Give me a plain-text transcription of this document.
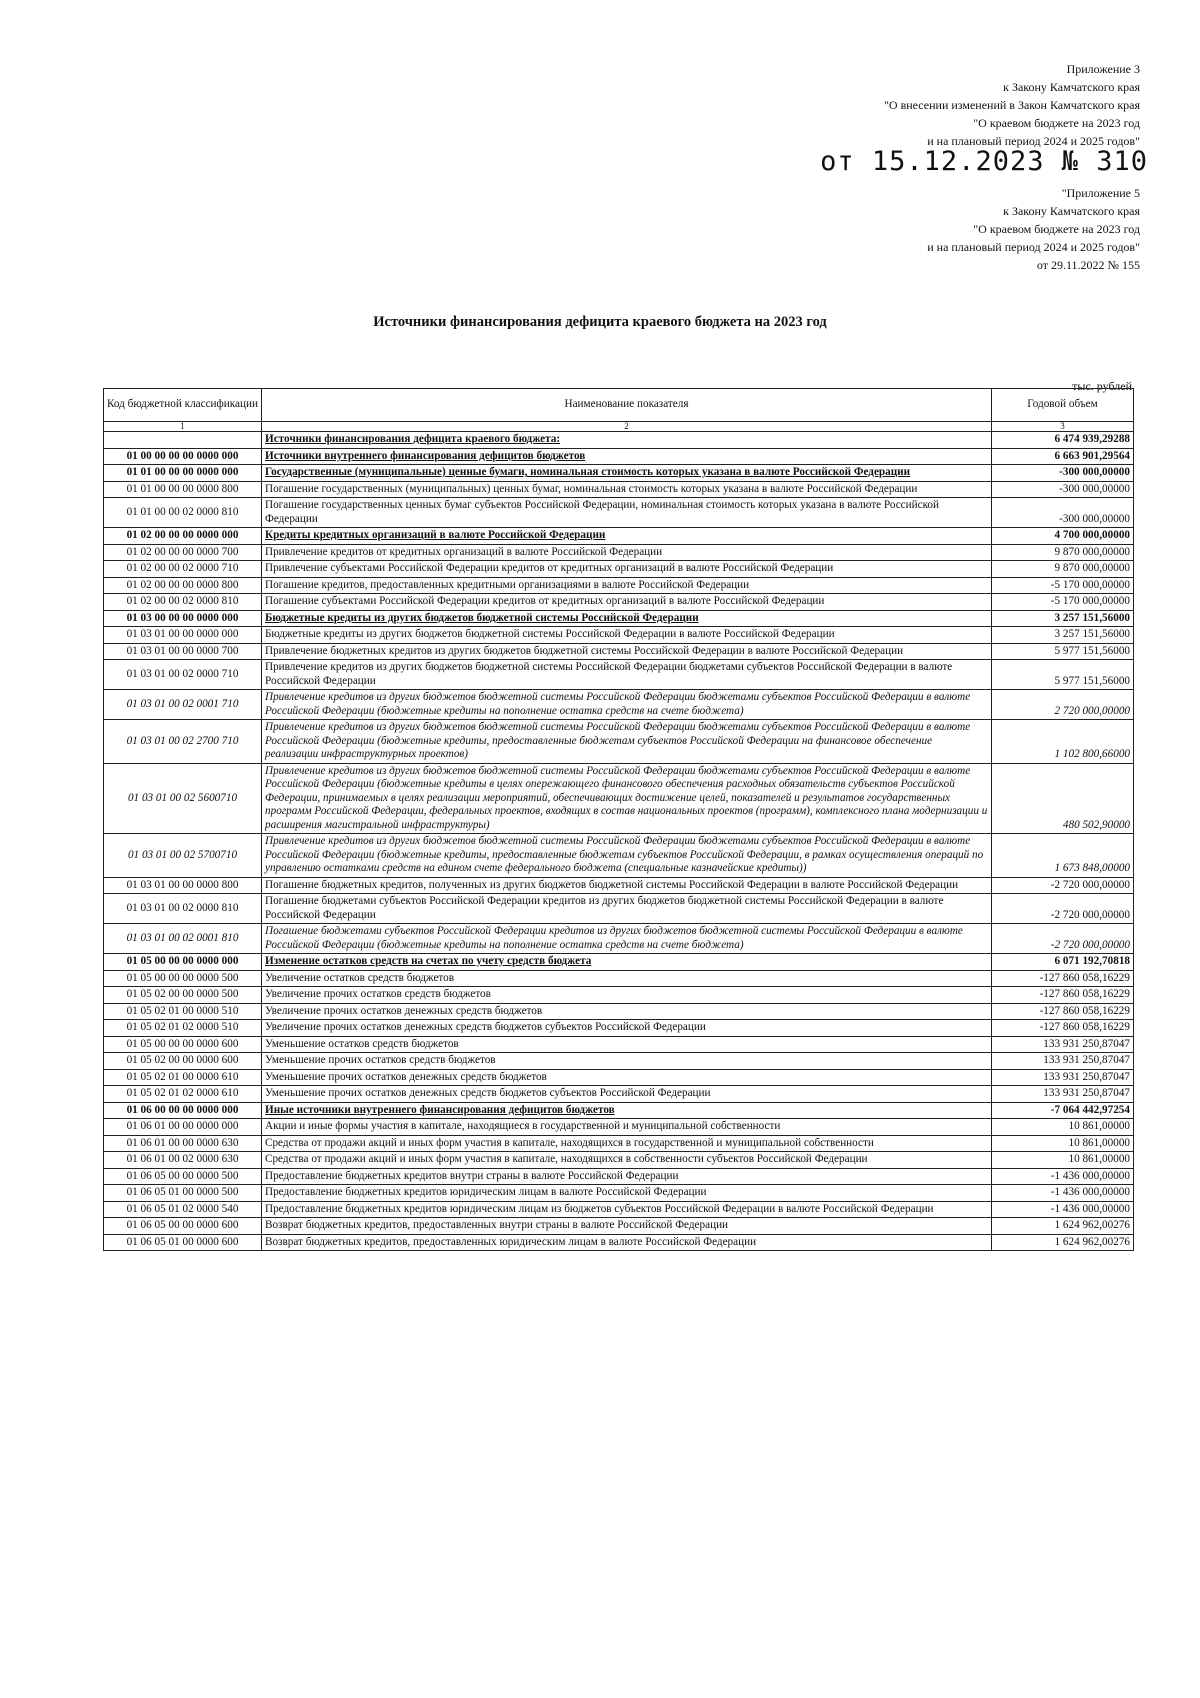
Приложение 3
к Закону Камчатского края
"О внесении изменений в Закон Камчатского края
"О краевом бюджете на 2023 год
и на плановый период 2024 и 2025 годов"
от 15.12.2023 № 310
"Приложение 5
к Закону Камчатского края
"О краевом бюджете на 2023 год
и на плановый период 2024 и 2025 годов"
от 29.11.2022 № 155
Источники финансирования дефицита краевого бюджета на 2023 год
тыс. рублей
Код бюджетной классификации	Наименование показателя	Годовой объем
1	2	3
	Источники финансирования дефицита краевого бюджета:	6 474 939,29288
01 00 00 00 00 0000 000	Источники внутреннего финансирования дефицитов бюджетов	6 663 901,29564
01 01 00 00 00 0000 000	Государственные (муниципальные) ценные бумаги, номинальная стоимость которых указана в валюте Российской Федерации	-300 000,00000
01 01 00 00 00 0000 800	Погашение государственных (муниципальных) ценных бумаг, номинальная стоимость которых указана в валюте Российской Федерации	-300 000,00000
01 01 00 00 02 0000 810	Погашение государственных ценных бумаг субъектов Российской Федерации, номинальная стоимость которых указана в валюте Российской Федерации	-300 000,00000
01 02 00 00 00 0000 000	Кредиты кредитных организаций в валюте Российской Федерации	4 700 000,00000
01 02 00 00 00 0000 700	Привлечение кредитов от кредитных организаций в валюте Российской Федерации	9 870 000,00000
01 02 00 00 02 0000 710	Привлечение субъектами Российской Федерации кредитов от кредитных организаций в валюте Российской Федерации	9 870 000,00000
01 02 00 00 00 0000 800	Погашение кредитов, предоставленных кредитными организациями в валюте Российской Федерации	-5 170 000,00000
01 02 00 00 02 0000 810	Погашение субъектами Российской Федерации кредитов от кредитных организаций в валюте Российской Федерации	-5 170 000,00000
01 03 00 00 00 0000 000	Бюджетные кредиты из других бюджетов бюджетной системы Российской Федерации	3 257 151,56000
01 03 01 00 00 0000 000	Бюджетные кредиты из других бюджетов бюджетной системы Российской Федерации в валюте Российской Федерации	3 257 151,56000
01 03 01 00 00 0000 700	Привлечение бюджетных кредитов из других бюджетов бюджетной системы Российской Федерации в валюте Российской Федерации	5 977 151,56000
01 03 01 00 02 0000 710	Привлечение кредитов из других бюджетов бюджетной системы Российской Федерации бюджетами субъектов Российской Федерации в валюте Российской Федерации	5 977 151,56000
01 03 01 00 02 0001 710	Привлечение кредитов из других бюджетов бюджетной системы Российской Федерации бюджетами субъектов Российской Федерации в валюте Российской Федерации (бюджетные кредиты на пополнение остатка средств на счете бюджета)	2 720 000,00000
01 03 01 00 02 2700 710	Привлечение кредитов из других бюджетов бюджетной системы Российской Федерации бюджетами субъектов Российской Федерации в валюте Российской Федерации (бюджетные кредиты, предоставленные бюджетам субъектов Российской Федерации на финансовое обеспечение реализации инфраструктурных проектов)	1 102 800,66000
01 03 01 00 02 5600710	Привлечение кредитов из других бюджетов бюджетной системы Российской Федерации бюджетами субъектов Российской Федерации в валюте Российской Федерации (бюджетные кредиты в целях опережающего финансового обеспечения расходных обязательств субъектов Российской Федерации, принимаемых в целях реализации мероприятий, обеспечивающих достижение целей, показателей и результатов государственных программ Российской Федерации, федеральных проектов, входящих в состав национальных проектов (программ), комплексного плана модернизации и расширения магистральной инфраструктуры)	480 502,90000
01 03 01 00 02 5700710	Привлечение кредитов из других бюджетов бюджетной системы Российской Федерации бюджетами субъектов Российской Федерации в валюте Российской Федерации (бюджетные кредиты, предоставленные бюджетам субъектов Российской Федерации, в рамках осуществления операций по управлению остатками средств на едином счете федерального бюджета (специальные казначейские кредиты))	1 673 848,00000
01 03 01 00 00 0000 800	Погашение бюджетных кредитов, полученных из других бюджетов бюджетной системы Российской Федерации в валюте Российской Федерации	-2 720 000,00000
01 03 01 00 02 0000 810	Погашение бюджетами субъектов Российской Федерации кредитов из других бюджетов бюджетной системы Российской Федерации в валюте Российской Федерации	-2 720 000,00000
01 03 01 00 02 0001 810	Погашение бюджетами субъектов Российской Федерации кредитов из других бюджетов бюджетной системы Российской Федерации в валюте Российской Федерации (бюджетные кредиты на пополнение остатка средств на счете бюджета)	-2 720 000,00000
01 05 00 00 00 0000 000	Изменение остатков средств на счетах по учету средств бюджета	6 071 192,70818
01 05 00 00 00 0000 500	Увеличение остатков средств бюджетов	-127 860 058,16229
01 05 02 00 00 0000 500	Увеличение прочих остатков средств бюджетов	-127 860 058,16229
01 05 02 01 00 0000 510	Увеличение прочих остатков денежных средств бюджетов	-127 860 058,16229
01 05 02 01 02 0000 510	Увеличение прочих остатков денежных средств бюджетов субъектов Российской Федерации	-127 860 058,16229
01 05 00 00 00 0000 600	Уменьшение остатков средств бюджетов	133 931 250,87047
01 05 02 00 00 0000 600	Уменьшение прочих остатков средств бюджетов	133 931 250,87047
01 05 02 01 00 0000 610	Уменьшение прочих остатков денежных средств бюджетов	133 931 250,87047
01 05 02 01 02 0000 610	Уменьшение прочих остатков денежных средств бюджетов субъектов Российской Федерации	133 931 250,87047
01 06 00 00 00 0000 000	Иные источники внутреннего финансирования дефицитов бюджетов	-7 064 442,97254
01 06 01 00 00 0000 000	Акции и иные формы участия в капитале, находящиеся в государственной и муниципальной собственности	10 861,00000
01 06 01 00 00 0000 630	Средства от продажи акций и иных форм участия в капитале, находящихся в государственной и муниципальной собственности	10 861,00000
01 06 01 00 02 0000 630	Средства от продажи акций и иных форм участия в капитале, находящихся в собственности субъектов Российской Федерации	10 861,00000
01 06 05 00 00 0000 500	Предоставление бюджетных кредитов внутри страны в валюте Российской Федерации	-1 436 000,00000
01 06 05 01 00 0000 500	Предоставление бюджетных кредитов юридическим лицам в валюте Российской Федерации	-1 436 000,00000
01 06 05 01 02 0000 540	Предоставление бюджетных кредитов юридическим лицам из бюджетов субъектов Российской Федерации в валюте Российской Федерации	-1 436 000,00000
01 06 05 00 00 0000 600	Возврат бюджетных кредитов, предоставленных внутри страны в валюте Российской Федерации	1 624 962,00276
01 06 05 01 00 0000 600	Возврат бюджетных кредитов, предоставленных юридическим лицам в валюте Российской Федерации	1 624 962,00276
